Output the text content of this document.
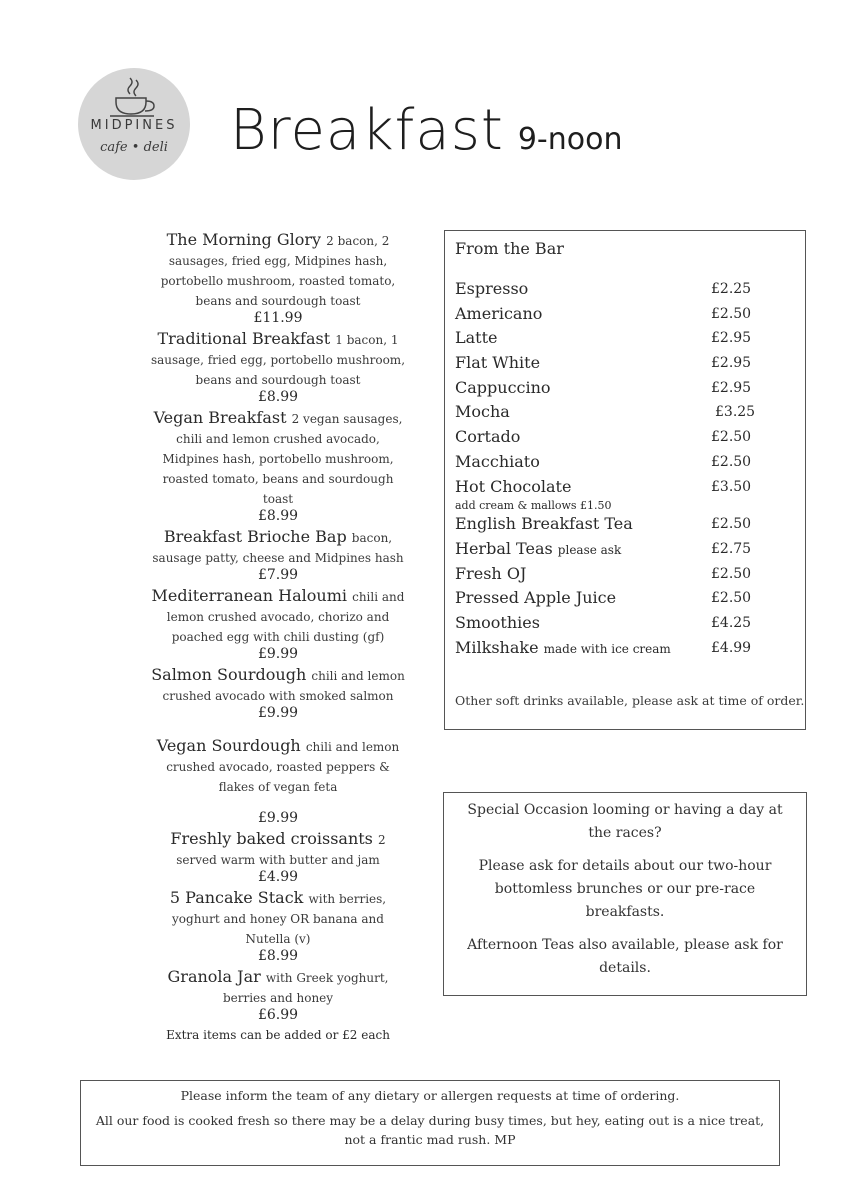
MIDPINES
cafe • deli	Breakfast 9-noon
The Morning Glory 2 bacon, 2 sausages, fried egg, Midpines hash, portobello mushroom, roasted tomato, beans and sourdough toast
£11.99
Traditional Breakfast 1 bacon, 1 sausage, fried egg, portobello mushroom, beans and sourdough toast
£8.99
Vegan Breakfast 2 vegan sausages, chili and lemon crushed avocado, Midpines hash, portobello mushroom, roasted tomato, beans and sourdough toast
£8.99
Breakfast Brioche Bap bacon, sausage patty, cheese and Midpines hash
£7.99
Mediterranean Haloumi chili and lemon crushed avocado, chorizo and poached egg with chili dusting (gf)
£9.99
Salmon Sourdough chili and lemon crushed avocado with smoked salmon
£9.99
Vegan Sourdough chili and lemon crushed avocado, roasted peppers & flakes of vegan feta
£9.99
Freshly baked croissants 2 served warm with butter and jam
£4.99
5 Pancake Stack with berries, yoghurt and honey OR banana and Nutella (v)
£8.99
Granola Jar with Greek yoghurt, berries and honey
£6.99
Extra items can be added or £2 each
From the Bar
Espresso	£2.25
Americano	£2.50
Latte	£2.95
Flat White	£2.95
Cappuccino	£2.95
Mocha	£3.25
Cortado	£2.50
Macchiato	£2.50
Hot Chocolate	£3.50
add cream & mallows £1.50
English Breakfast Tea	£2.50
Herbal Teas please ask	£2.75
Fresh OJ	£2.50
Pressed Apple Juice	£2.50
Smoothies	£4.25
Milkshake made with ice cream	£4.99
Other soft drinks available, please ask at time of order.

Special Occasion looming or having a day at the races?

Please ask for details about our two-hour bottomless brunches or our pre-race breakfasts.

Afternoon Teas also available, please ask for details.

Please inform the team of any dietary or allergen requests at time of ordering.

All our food is cooked fresh so there may be a delay during busy times, but hey, eating out is a nice treat, not a frantic mad rush. MP
